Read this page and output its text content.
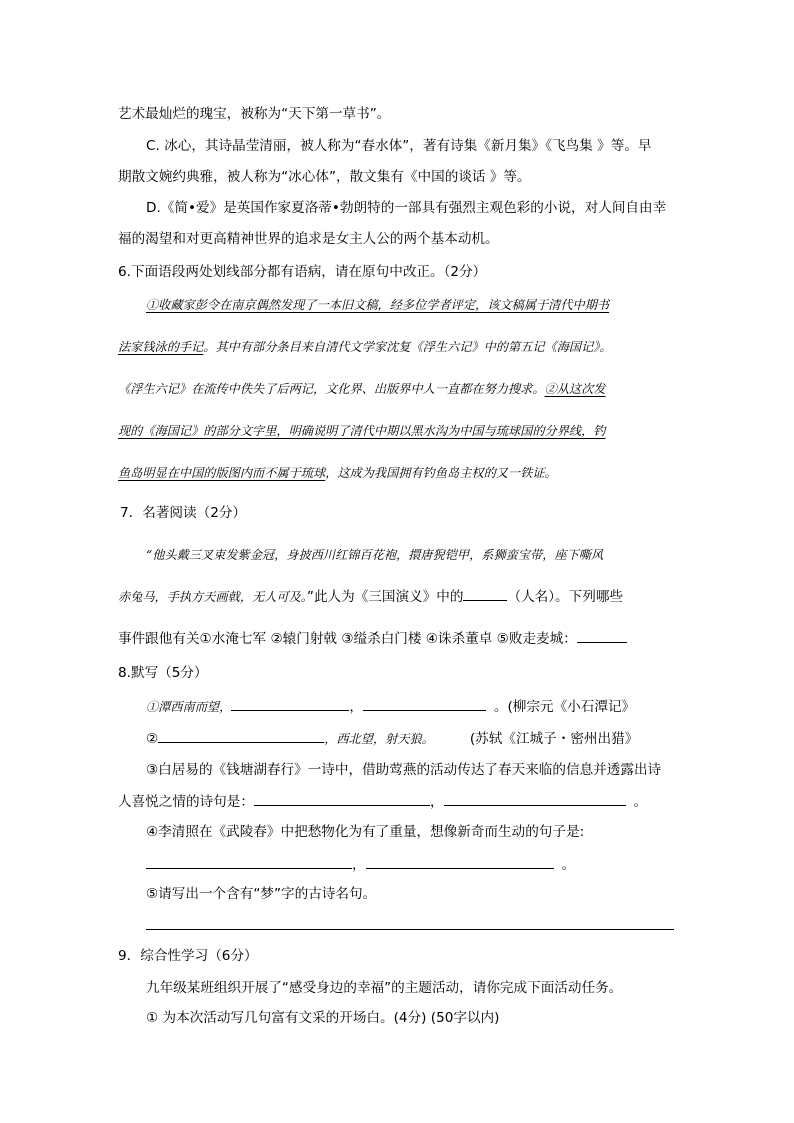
艺术最灿烂的瑰宝，被称为“天下第一草书”。
C. 冰心，其诗晶莹清丽，被人称为“春水体”，著有诗集《新月集》《飞鸟集 》等。早
期散文婉约典雅，被人称为“冰心体”，散文集有《中国的谈话 》等。
D.《简•爱》是英国作家夏洛蒂•勃朗特的一部具有强烈主观色彩的小说，对人间自由幸
福的渴望和对更高精神世界的追求是女主人公的两个基本动机。
6.下面语段两处划线部分都有语病，请在原句中改正。（2分）
①收藏家彭令在南京偶然发现了一本旧文稿，经多位学者评定，该文稿属于清代中期书
法家钱泳的手记。其中有部分条目来自清代文学家沈复《浮生六记》中的第五记《海国记》。
《浮生六记》在流传中佚失了后两记，文化界、出版界中人一直都在努力搜求。②从这次发
现的《海国记》的部分文字里，明确说明了清代中期以黑水沟为中国与琉球国的分界线，钓
鱼岛明显在中国的版图内而不属于琉球，这成为我国拥有钓鱼岛主权的又一铁证。
7．名著阅读（2分）
“他头戴三叉束发紫金冠，身披西川红锦百花袍，擐唐猊铠甲，系狮蛮宝带，座下嘶风
赤兔马，手执方天画戟，无人可及。”此人为《三国演义》中的	（人名）。下列哪些
事件跟他有关①水淹七军 ②辕门射戟 ③缢杀白门楼 ④诛杀董卓 ⑤败走麦城：
8.默写（5分）
①潭西南而望，	，	。(柳宗元《小石潭记》
②	，西北望，射天狼。	(苏轼《江城子・密州出猎》
③白居易的《钱塘湖春行》一诗中，借助莺燕的活动传达了春天来临的信息并透露出诗
人喜悦之情的诗句是：	，	。
④李清照在《武陵春》中把愁物化为有了重量，想像新奇而生动的句子是:
，	。
⑤请写出一个含有“梦”字的古诗名句。
9．综合性学习（6分）
九年级某班组织开展了“感受身边的幸福”的主题活动，请你完成下面活动任务。
① 为本次活动写几句富有文采的开场白。(4分) (50字以内)
